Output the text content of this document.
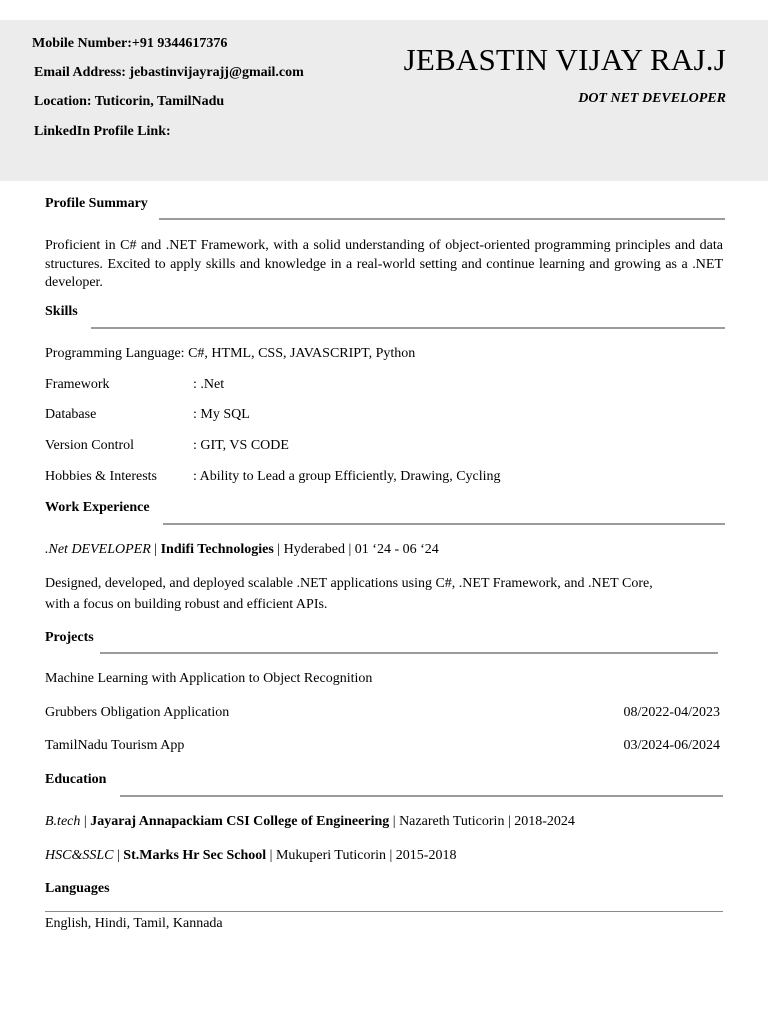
Mobile Number:+91 9344617376
Email Address: jebastinvijayrajj@gmail.com
Location: Tuticorin, TamilNadu
LinkedIn Profile Link:
JEBASTIN VIJAY RAJ.J
DOT NET DEVELOPER
Profile Summary
Proficient in C# and .NET Framework, with a solid understanding of object-oriented programming principles and data structures. Excited to apply skills and knowledge in a real-world setting and continue learning and growing as a .NET developer.
Skills
Programming Language: C#, HTML, CSS, JAVASCRIPT, Python
Framework	: .Net
Database	: My SQL
Version Control	: GIT, VS CODE
Hobbies & Interests	: Ability to Lead a group Efficiently, Drawing, Cycling
Work Experience
.Net DEVELOPER | Indifi Technologies | Hyderabed | 01 ‘24 - 06 ‘24
Designed, developed, and deployed scalable .NET applications using C#, .NET Framework, and .NET Core,
with a focus on building robust and efficient APIs.
Projects
Machine Learning with Application to Object Recognition
Grubbers Obligation Application	08/2022-04/2023
TamilNadu Tourism App	03/2024-06/2024
Education
B.tech | Jayaraj Annapackiam CSI College of Engineering | Nazareth Tuticorin | 2018-2024
HSC&SSLC | St.Marks Hr Sec School | Mukuperi Tuticorin | 2015-2018
Languages
English, Hindi, Tamil, Kannada
